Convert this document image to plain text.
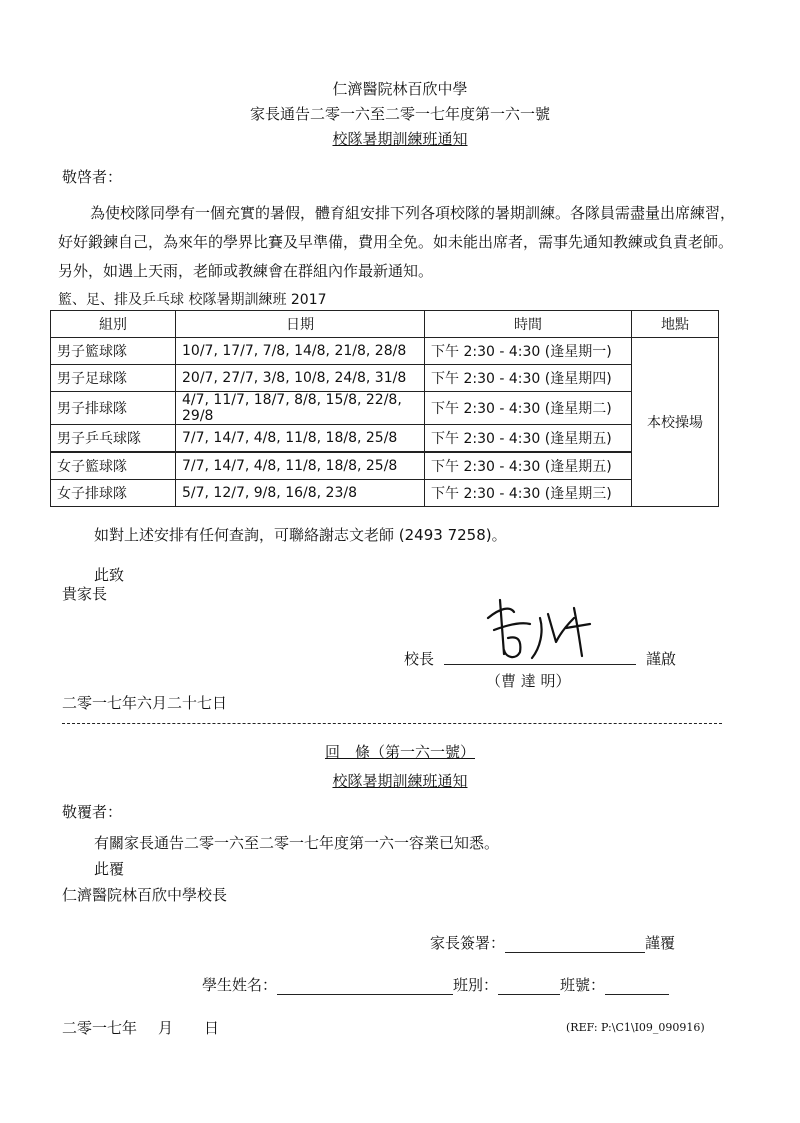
仁濟醫院林百欣中學
家長通告二零一六至二零一七年度第一六一號
校隊暑期訓練班通知
敬啓者：
為使校隊同學有一個充實的暑假，體育組安排下列各項校隊的暑期訓練。各隊員需盡量出席練習，好好鍛鍊自己，為來年的學界比賽及早準備，費用全免。如未能出席者，需事先通知教練或負責老師。另外，如遇上天雨，老師或教練會在群組內作最新通知。
籃、足、排及乒乓球 校隊暑期訓練班 2017
組別	日期	時間	地點
男子籃球隊	10/7, 17/7, 7/8, 14/8, 21/8, 28/8	下午 2:30 - 4:30 (逢星期一)	本校操場
男子足球隊	20/7, 27/7, 3/8, 10/8, 24/8, 31/8	下午 2:30 - 4:30 (逢星期四)	
男子排球隊	4/7, 11/7, 18/7, 8/8, 15/8, 22/8, 29/8	下午 2:30 - 4:30 (逢星期二)	
男子乒乓球隊	7/7, 14/7, 4/8, 11/8, 18/8, 25/8	下午 2:30 - 4:30 (逢星期五)	
女子籃球隊	7/7, 14/7, 4/8, 11/8, 18/8, 25/8	下午 2:30 - 4:30 (逢星期五)	
女子排球隊	5/7, 12/7, 9/8, 16/8, 23/8	下午 2:30 - 4:30 (逢星期三)	
如對上述安排有任何查詢，可聯絡謝志文老師 (2493 7258)。
此致
貴家長
校長	謹啟
（曹 達 明）
二零一七年六月二十七日
回　條（第一六一號）
校隊暑期訓練班通知
敬覆者：
有關家長通告二零一六至二零一七年度第一六一容業已知悉。
此覆
仁濟醫院林百欣中學校長
家長簽署：	謹覆
學生姓名：	班別：	班號：
二零一七年 月 日	(REF: P:\C1\I09_090916)
